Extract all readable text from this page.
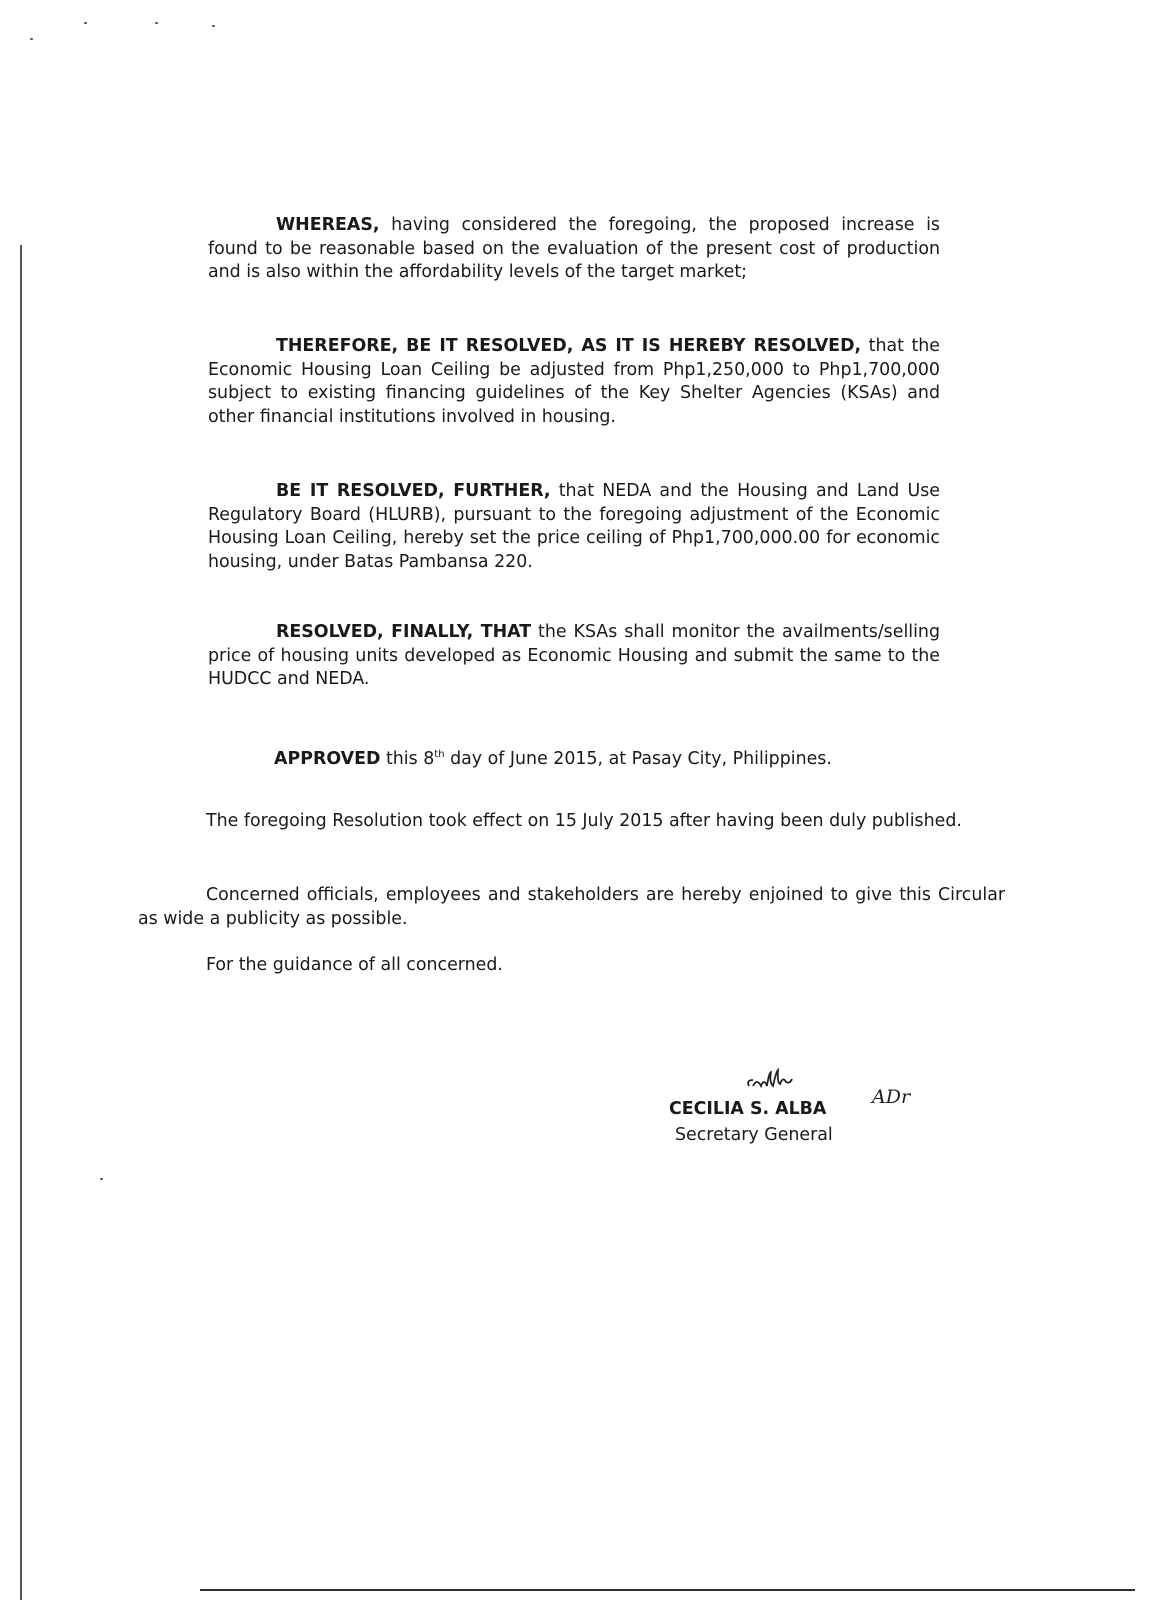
WHEREAS, having considered the foregoing, the proposed increase is found to be reasonable based on the evaluation of the present cost of production and is also within the affordability levels of the target market;
THEREFORE, BE IT RESOLVED, AS IT IS HEREBY RESOLVED, that the Economic Housing Loan Ceiling be adjusted from Php1,250,000 to Php1,700,000 subject to existing financing guidelines of the Key Shelter Agencies (KSAs) and other financial institutions involved in housing.
BE IT RESOLVED, FURTHER, that NEDA and the Housing and Land Use Regulatory Board (HLURB), pursuant to the foregoing adjustment of the Economic Housing Loan Ceiling, hereby set the price ceiling of Php1,700,000.00 for economic housing, under Batas Pambansa 220.
RESOLVED, FINALLY, THAT the KSAs shall monitor the availments/selling price of housing units developed as Economic Housing and submit the same to the HUDCC and NEDA.
APPROVED this 8th day of June 2015, at Pasay City, Philippines.
The foregoing Resolution took effect on 15 July 2015 after having been duly published.
Concerned officials, employees and stakeholders are hereby enjoined to give this Circular as wide a publicity as possible.
For the guidance of all concerned.
ADr
CECILIA S. ALBA
Secretary General
